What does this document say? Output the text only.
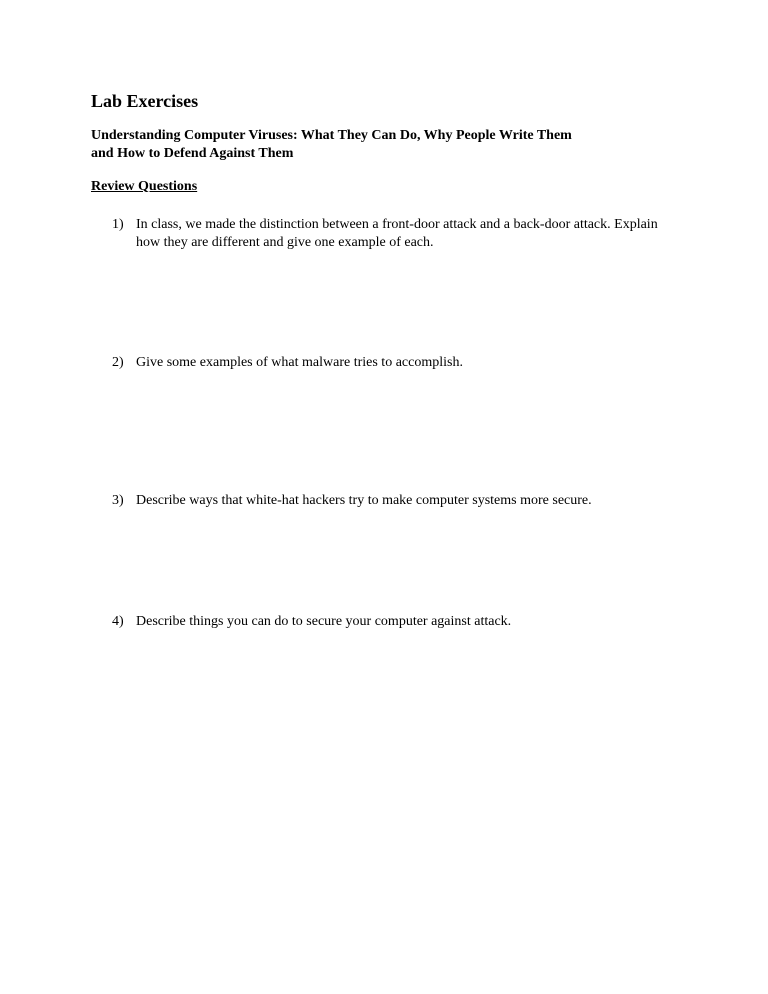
Lab Exercises
Understanding Computer Viruses: What They Can Do, Why People Write Them
and How to Defend Against Them
Review Questions
1) In class, we made the distinction between a front-door attack and a back-door attack. Explain how they are different and give one example of each.
2) Give some examples of what malware tries to accomplish.
3) Describe ways that white-hat hackers try to make computer systems more secure.
4) Describe things you can do to secure your computer against attack.
